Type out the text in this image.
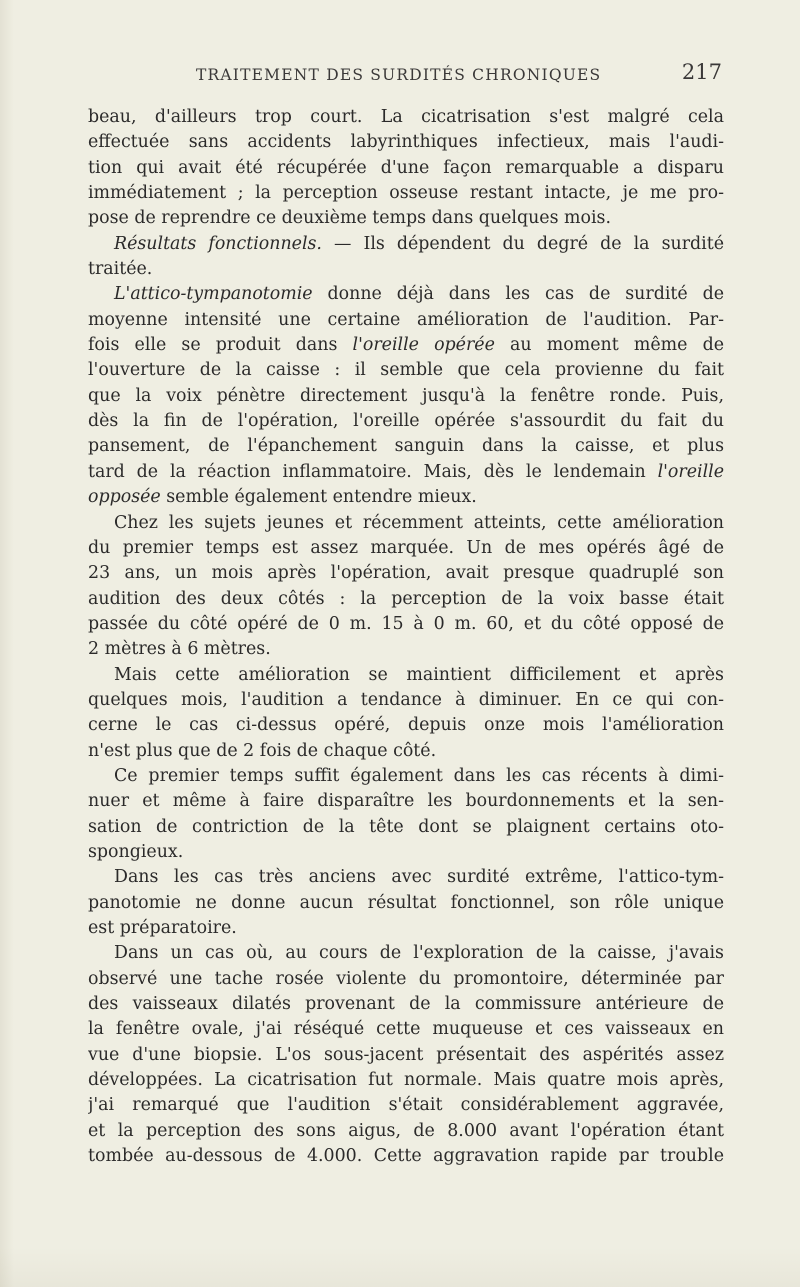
TRAITEMENT DES SURDITÉS CHRONIQUES	217
beau, d'ailleurs trop court. La cicatrisation s'est malgré cela
effectuée sans accidents labyrinthiques infectieux, mais l'audi-
tion qui avait été récupérée d'une façon remarquable a disparu
immédiatement ; la perception osseuse restant intacte, je me pro-
pose de reprendre ce deuxième temps dans quelques mois.
Résultats fonctionnels. — Ils dépendent du degré de la surdité
traitée.
L'attico-tympanotomie donne déjà dans les cas de surdité de
moyenne intensité une certaine amélioration de l'audition. Par-
fois elle se produit dans l'oreille opérée au moment même de
l'ouverture de la caisse : il semble que cela provienne du fait
que la voix pénètre directement jusqu'à la fenêtre ronde. Puis,
dès la fin de l'opération, l'oreille opérée s'assourdit du fait du
pansement, de l'épanchement sanguin dans la caisse, et plus
tard de la réaction inflammatoire. Mais, dès le lendemain l'oreille
opposée semble également entendre mieux.
Chez les sujets jeunes et récemment atteints, cette amélioration
du premier temps est assez marquée. Un de mes opérés âgé de
23 ans, un mois après l'opération, avait presque quadruplé son
audition des deux côtés : la perception de la voix basse était
passée du côté opéré de 0 m. 15 à 0 m. 60, et du côté opposé de
2 mètres à 6 mètres.
Mais cette amélioration se maintient difficilement et après
quelques mois, l'audition a tendance à diminuer. En ce qui con-
cerne le cas ci-dessus opéré, depuis onze mois l'amélioration
n'est plus que de 2 fois de chaque côté.
Ce premier temps suffit également dans les cas récents à dimi-
nuer et même à faire disparaître les bourdonnements et la sen-
sation de contriction de la tête dont se plaignent certains oto-
spongieux.
Dans les cas très anciens avec surdité extrême, l'attico-tym-
panotomie ne donne aucun résultat fonctionnel, son rôle unique
est préparatoire.
Dans un cas où, au cours de l'exploration de la caisse, j'avais
observé une tache rosée violente du promontoire, déterminée par
des vaisseaux dilatés provenant de la commissure antérieure de
la fenêtre ovale, j'ai réséqué cette muqueuse et ces vaisseaux en
vue d'une biopsie. L'os sous-jacent présentait des aspérités assez
développées. La cicatrisation fut normale. Mais quatre mois après,
j'ai remarqué que l'audition s'était considérablement aggravée,
et la perception des sons aigus, de 8.000 avant l'opération étant
tombée au-dessous de 4.000. Cette aggravation rapide par trouble
